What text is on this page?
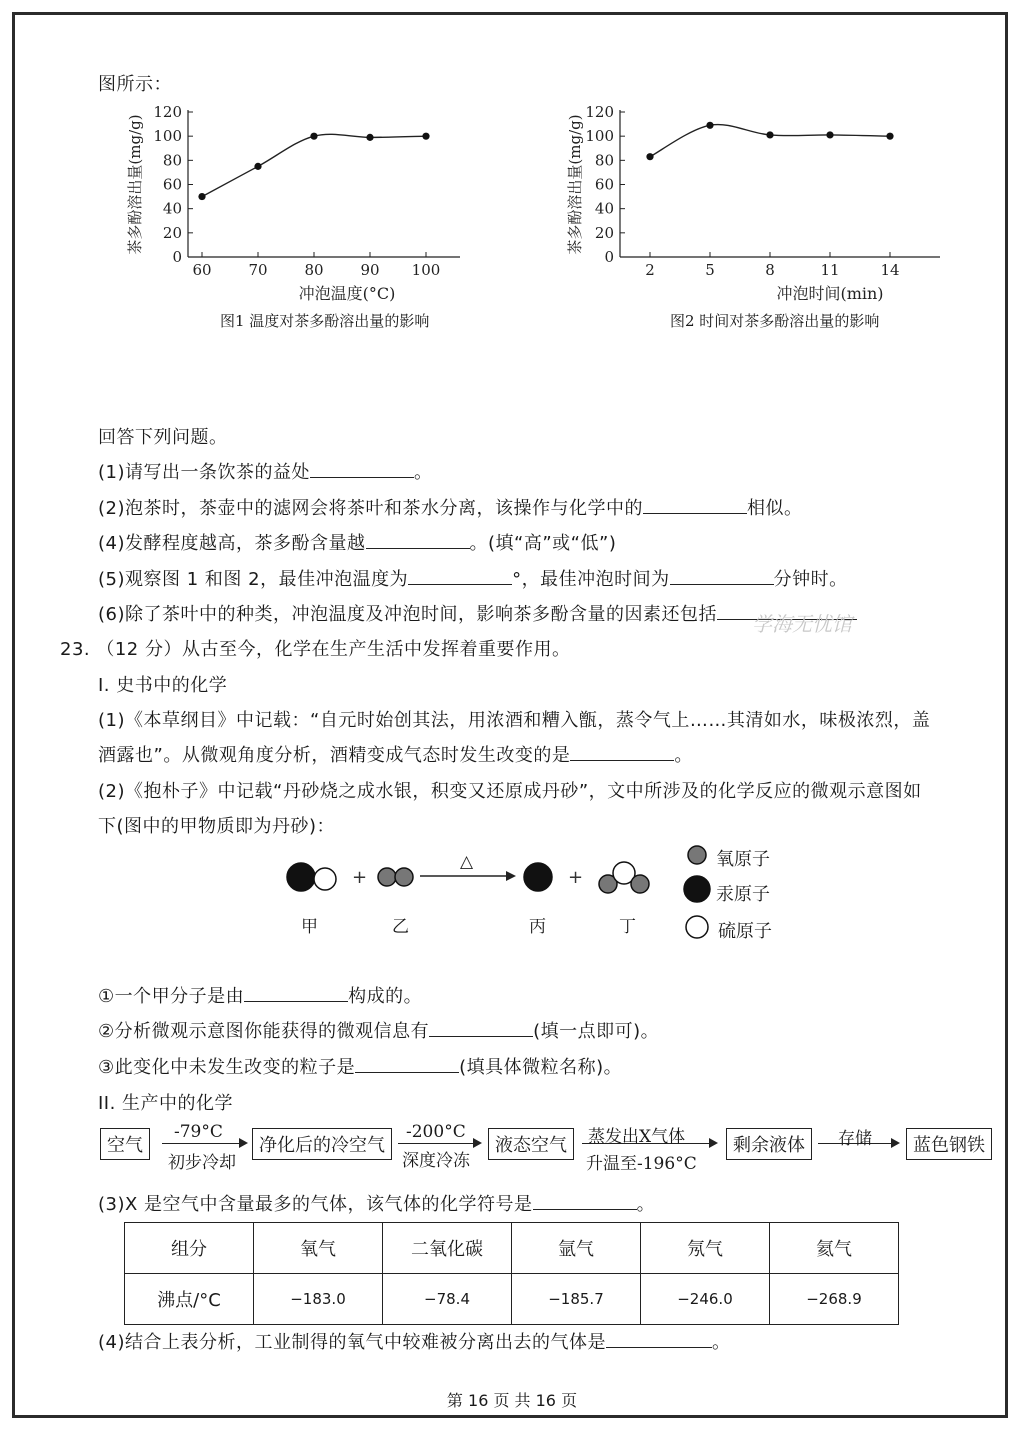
图所示：
0
20
40
60
80
100
120
60 70 80 90 100
冲泡温度(°C)
茶多酚溶出量(mg/g)
图1 温度对茶多酚溶出量的影响
0
20
40
60
80
100
120
2	5	8	11	14
冲泡时间(min)
茶多酚溶出量(mg/g)
图2 时间对茶多酚溶出量的影响
回答下列问题。
(1)请写出一条饮茶的益处	。
(2)泡茶时，茶壶中的滤网会将茶叶和茶水分离，该操作与化学中的	相似。
(4)发酵程度越高，茶多酚含量越	。(填“高”或“低”)
(5)观察图 1 和图 2，最佳冲泡温度为	°，最佳冲泡时间为	分钟时。
(6)除了茶叶中的种类，冲泡温度及冲泡时间，影响茶多酚含量的因素还包括	学海无忧馆
23. （12 分）从古至今，化学在生产生活中发挥着重要作用。
I. 史书中的化学
(1)《本草纲目》中记载：“自元时始创其法，用浓酒和糟入甑，蒸令气上……其清如水，味极浓烈，盖
酒露也”。从微观角度分析，酒精变成气态时发生改变的是	。
(2)《抱朴子》中记载“丹砂烧之成水银，积变又还原成丹砂”，文中所涉及的化学反应的微观示意图如
下(图中的甲物质即为丹砂)：
+
△
+
甲	乙	丙	丁
氧原子
汞原子
硫原子
①一个甲分子是由	构成的。
②分析微观示意图你能获得的微观信息有	(填一点即可)。
③此变化中未发生改变的粒子是	(填具体微粒名称)。
II. 生产中的化学
空气
-79°C
初步冷却
净化后的冷空气
-200°C
深度冷冻
液态空气	蒸发出X气体
升温至-196°C
剩余液体	存储	蓝色钢铁
(3)X 是空气中含量最多的气体，该气体的化学符号是	。
组分	氧气	二氧化碳	氩气	氖气	氦气
沸点/°C	−183.0	−78.4	−185.7	−246.0	−268.9
(4)结合上表分析，工业制得的氧气中较难被分离出去的气体是	。
第 16 页 共 16 页
